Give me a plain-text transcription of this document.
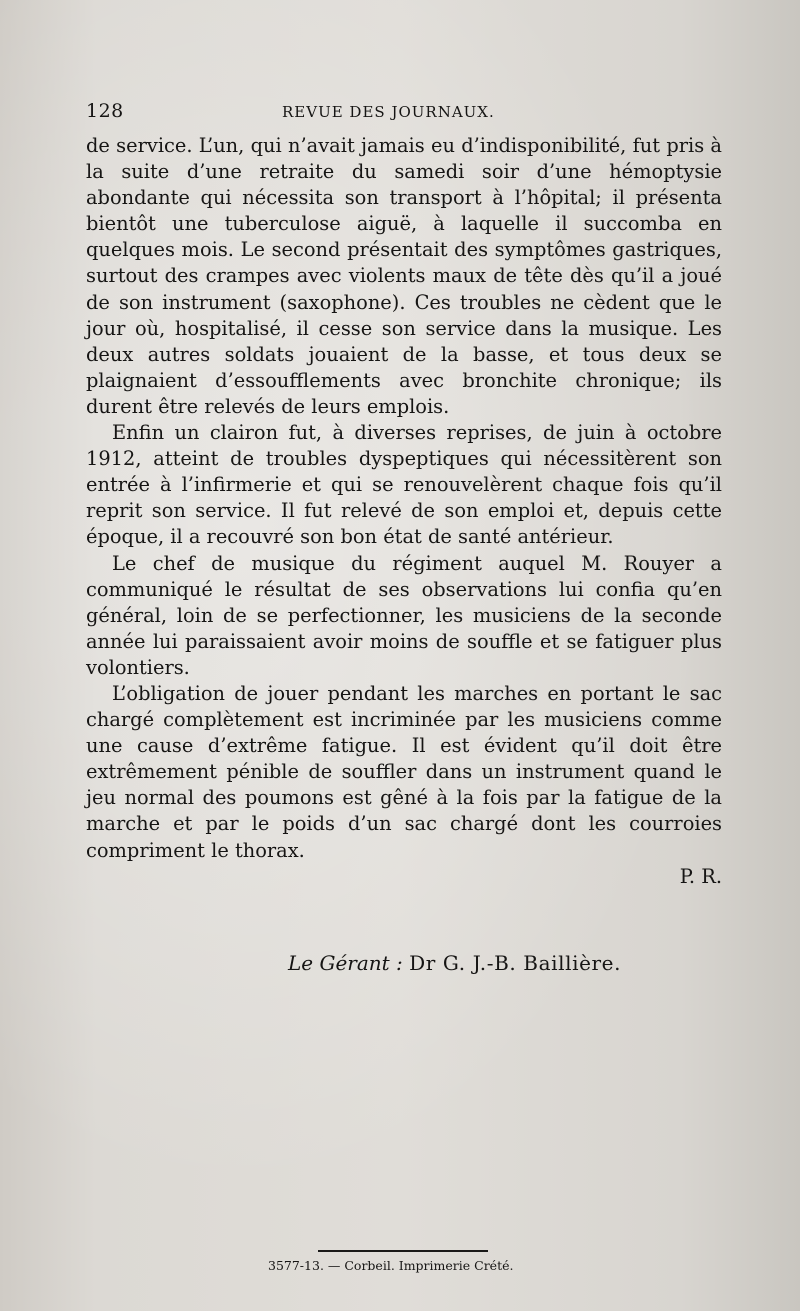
128	REVUE DES JOURNAUX.

de service. L’un, qui n’avait jamais eu d’indisponibilité, fut pris à la suite d’une retraite du samedi soir d’une hémoptysie abondante qui nécessita son transport à l’hôpital; il présenta bientôt une tuberculose aiguë, à laquelle il succomba en quelques mois. Le second présentait des symptômes gastriques, surtout des crampes avec violents maux de tête dès qu’il a joué de son instrument (saxophone). Ces troubles ne cèdent que le jour où, hospitalisé, il cesse son service dans la musique. Les deux autres soldats jouaient de la basse, et tous deux se plaignaient d’essoufflements avec bronchite chronique; ils durent être relevés de leurs emplois.

Enfin un clairon fut, à diverses reprises, de juin à octobre 1912, atteint de troubles dyspeptiques qui nécessitèrent son entrée à l’infirmerie et qui se renouvelèrent chaque fois qu’il reprit son service. Il fut relevé de son emploi et, depuis cette époque, il a recouvré son bon état de santé antérieur.

Le chef de musique du régiment auquel M. Rouyer a communiqué le résultat de ses observations lui confia qu’en général, loin de se perfectionner, les musiciens de la seconde année lui paraissaient avoir moins de souffle et se fatiguer plus volontiers.

L’obligation de jouer pendant les marches en portant le sac chargé complètement est incriminée par les musiciens comme une cause d’extrême fatigue. Il est évident qu’il doit être extrêmement pénible de souffler dans un instrument quand le jeu normal des poumons est gêné à la fois par la fatigue de la marche et par le poids d’un sac chargé dont les courroies compriment le thorax.

P. R.

Le Gérant : Dr G. J.-B. Baillière.
3577-13. — Corbeil. Imprimerie Crété.
